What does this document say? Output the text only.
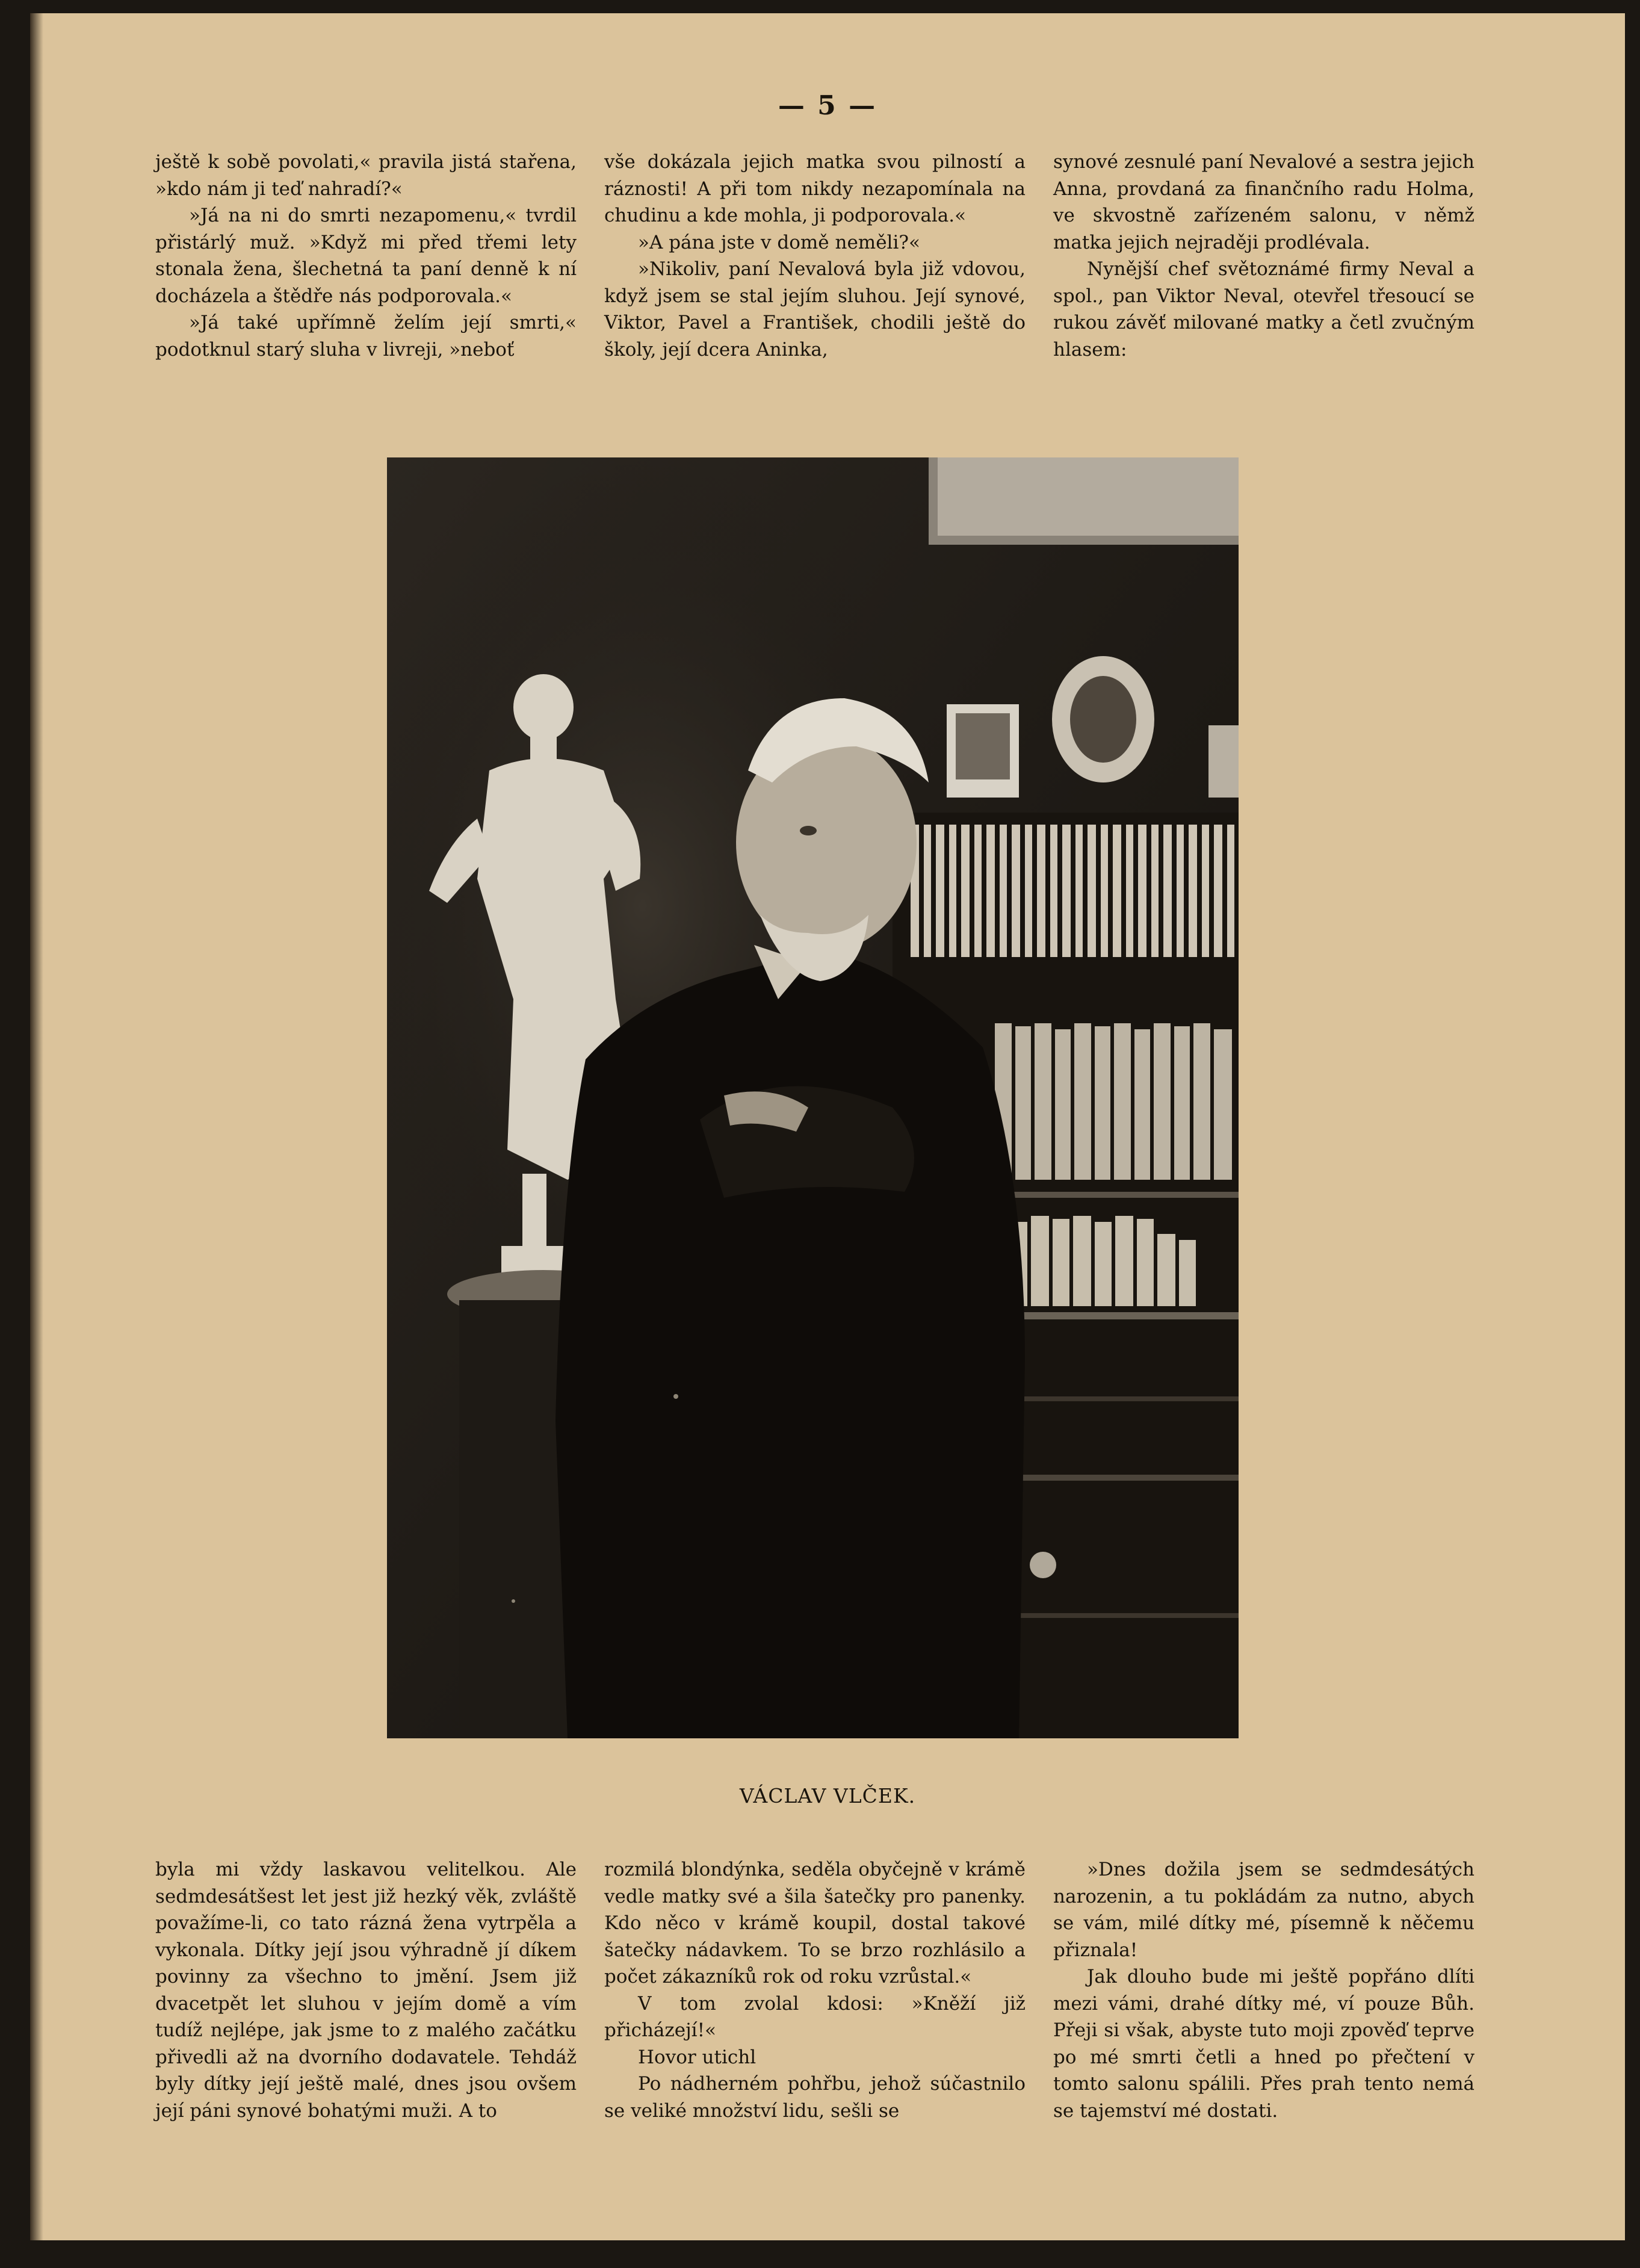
— 5 —

ještě k sobě povolati,« pravila jistá stařena, »kdo nám ji teď nahradí?«

»Já na ni do smrti nezapomenu,« tvrdil přistárlý muž. »Když mi před třemi lety stonala žena, šlechetná ta paní denně k ní docházela a štědře nás podporovala.«

»Já také upřímně želím její smrti,« podotknul starý sluha v livreji, »neboť

vše dokázala jejich matka svou pilností a ráznosti! A při tom nikdy nezapomínala na chudinu a kde mohla, ji podporovala.«

»A pána jste v domě neměli?«

»Nikoliv, paní Nevalová byla již vdovou, když jsem se stal jejím sluhou. Její synové, Viktor, Pavel a František, chodili ještě do školy, její dcera Aninka,

synové zesnulé paní Nevalové a sestra jejich Anna, provdaná za finančního radu Holma, ve skvostně zařízeném salonu, v němž matka jejich nejraději prodlévala.

Nynější chef světoznámé firmy Neval a spol., pan Viktor Neval, otevřel třesoucí se rukou závěť milované matky a četl zvučným hlasem:

VÁCLAV VLČEK.

byla mi vždy laskavou velitelkou. Ale sedmdesátšest let jest již hezký věk, zvláště považíme-li, co tato rázná žena vytrpěla a vykonala. Dítky její jsou výhradně jí díkem povinny za všechno to jmění. Jsem již dvacetpět let sluhou v jejím domě a vím tudíž nejlépe, jak jsme to z malého začátku přivedli až na dvorního dodavatele. Tehdáž byly dítky její ještě malé, dnes jsou ovšem její páni synové bohatými muži. A to

rozmilá blondýnka, seděla obyčejně v krámě vedle matky své a šila šatečky pro panenky. Kdo něco v krámě koupil, dostal takové šatečky nádavkem. To se brzo rozhlásilo a počet zákazníků rok od roku vzrůstal.«

V tom zvolal kdosi: »Kněží již přicházejí!«

Hovor utichl

Po nádherném pohřbu, jehož súčastnilo se veliké množství lidu, sešli se

»Dnes dožila jsem se sedmdesátých narozenin, a tu pokládám za nutno, abych se vám, milé dítky mé, písemně k něčemu přiznala!

Jak dlouho bude mi ještě popřáno dlíti mezi vámi, drahé dítky mé, ví pouze Bůh. Přeji si však, abyste tuto moji zpověď teprve po mé smrti četli a hned po přečtení v tomto salonu spálili. Přes prah tento nemá se tajemství mé dostati.
